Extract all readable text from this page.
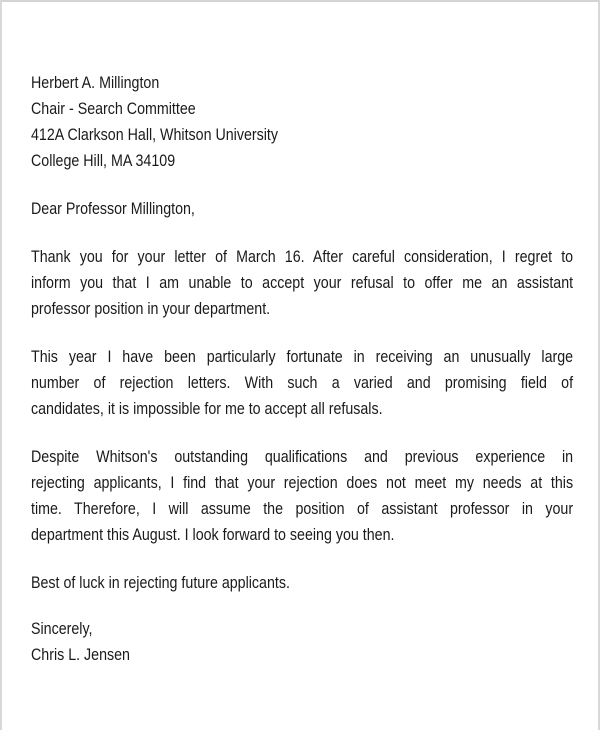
Herbert A. Millington
Chair - Search Committee
412A Clarkson Hall, Whitson University
College Hill, MA 34109
Dear Professor Millington,
Thank you for your letter of March 16. After careful consideration, I regret to
inform you that I am unable to accept your refusal to offer me an assistant
professor position in your department.
This year I have been particularly fortunate in receiving an unusually large
number of rejection letters. With such a varied and promising field of
candidates, it is impossible for me to accept all refusals.
Despite Whitson's outstanding qualifications and previous experience in
rejecting applicants, I find that your rejection does not meet my needs at this
time. Therefore, I will assume the position of assistant professor in your
department this August. I look forward to seeing you then.
Best of luck in rejecting future applicants.
Sincerely,
Chris L. Jensen
